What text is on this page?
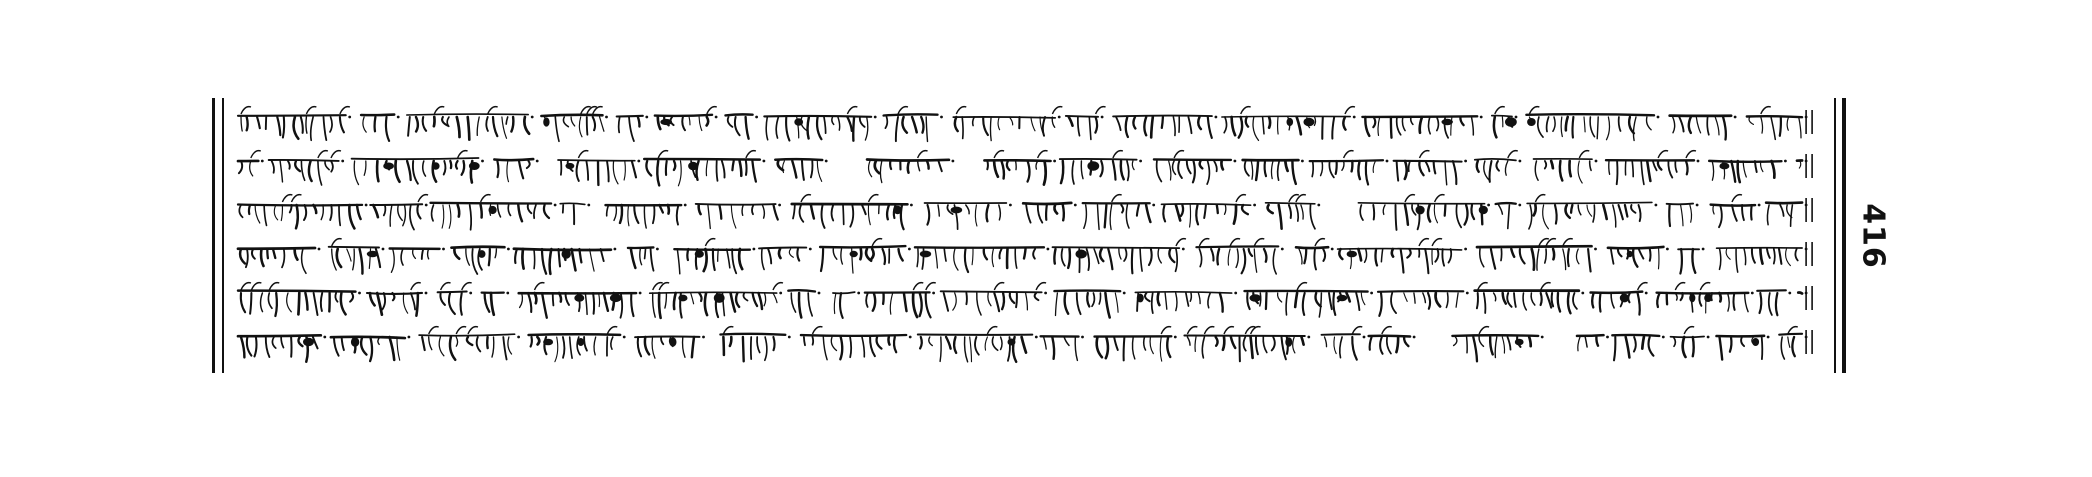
416
